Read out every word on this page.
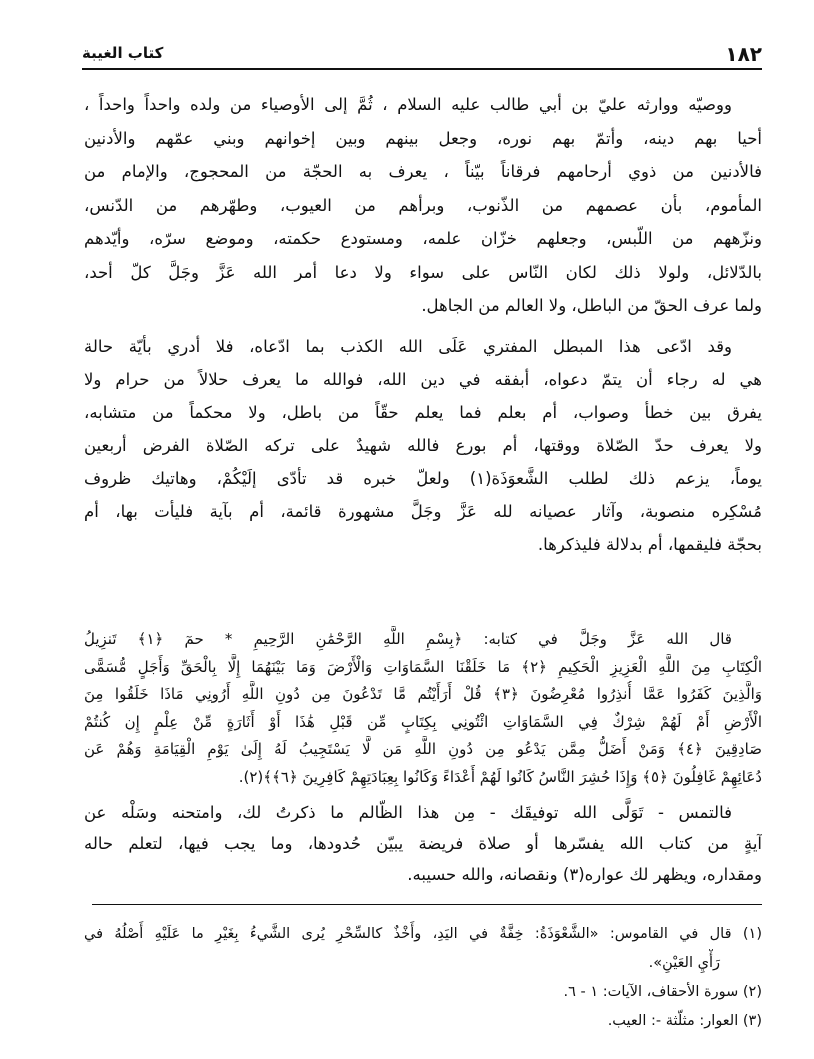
١٨٢
كتاب الغيبة
ووصيّه ووارثه عليّ بن أبي طالب عليه السلام ، ثُمَّ إلى الأوصياء من ولده واحداً واحداً ،
أحيا بهم دينه، وأتمّ بهم نوره، وجعل بينهم وبين إخوانهم وبني عمّهم والأدنين
فالأدنين من ذوي أرحامهم فرقاناً بيّناً ، يعرف به الحجّة من المحجوج، والإمام من
المأموم، بأن عصمهم من الذّنوب، وبرأهم من العيوب، وطهّرهم من الدّنس،
ونزّههم من اللّبس، وجعلهم خزّان علمه، ومستودع حكمته، وموضع سرّه، وأيّدهم
بالدّلائل، ولولا ذلك لكان النّاس على سواء ولا دعا أمر الله عَزَّ وجَلَّ كلّ أحد،
ولما عرف الحقّ من الباطل، ولا العالم من الجاهل.
وقد ادّعى هذا المبطل المفتري عَلَى الله الكذب بما ادّعاه، فلا أدري بأيّة حالة
هي له رجاء أن يتمّ دعواه، أبفقه في دين الله، فوالله ما يعرف حلالاً من حرام ولا
يفرق بين خطأ وصواب، أم بعلم فما يعلم حقّاً من باطل، ولا محكماً من متشابه،
ولا يعرف حدّ الصّلاة ووقتها، أم بورع فالله شهيدٌ على تركه الصّلاة الفرض أربعين
يوماً، يزعم ذلك لطلب الشَّعوَذَة(١) ولعلّ خبره قد تأدّى إلَيْكُمْ، وهاتيك ظروف
مُسْكِره منصوبة، وآثار عصيانه لله عَزَّ وجَلَّ مشهورة قائمة، أم بآية فليأت بها، أم
بحجّة فليقمها، أم بدلالة فليذكرها.
قال الله عَزَّ وجَلَّ في كتابه: ﴿بِسْمِ اللَّهِ الرَّحْمَٰنِ الرَّحِيمِ * حمٓ ﴿١﴾ تَنزِيلُ
الْكِتَابِ مِنَ اللَّهِ الْعَزِيزِ الْحَكِيمِ ﴿٢﴾ مَا خَلَقْنَا السَّمَاوَاتِ وَالْأَرْضَ وَمَا بَيْنَهُمَا إِلَّا بِالْحَقِّ وَأَجَلٍ مُّسَمًّى
وَالَّذِينَ كَفَرُوا عَمَّا أُنذِرُوا مُعْرِضُونَ ﴿٣﴾ قُلْ أَرَأَيْتُم مَّا تَدْعُونَ مِن دُونِ اللَّهِ أَرُونِي مَاذَا خَلَقُوا مِنَ
الْأَرْضِ أَمْ لَهُمْ شِرْكٌ فِي السَّمَاوَاتِ ائْتُونِي بِكِتَابٍ مِّن قَبْلِ هَٰذَا أَوْ أَثَارَةٍ مِّنْ عِلْمٍ إِن كُنتُمْ
صَادِقِينَ ﴿٤﴾ وَمَنْ أَضَلُّ مِمَّن يَدْعُو مِن دُونِ اللَّهِ مَن لَّا يَسْتَجِيبُ لَهُ إِلَىٰ يَوْمِ الْقِيَامَةِ وَهُمْ عَن
دُعَائِهِمْ غَافِلُونَ ﴿٥﴾ وَإِذَا حُشِرَ النَّاسُ كَانُوا لَهُمْ أَعْدَاءً وَكَانُوا بِعِبَادَتِهِمْ كَافِرِينَ ﴿٦﴾﴾(٢).
فالتمس - تَوَلَّى الله توفيقَك - مِن هذا الظّالم ما ذكرتُ لك، وامتحنه وسَلْه عن
آيةٍ من كتاب الله يفسّرها أو صلاة فريضة يبيّن حُدودها، وما يجب فيها، لتعلم حاله
ومقداره، ويظهر لك عواره(٣) ونقصانه، والله حسيبه.
(١) قال في القاموس: «الشَّعْوَذَةُ: خِفَّةٌ في اليَدِ، وأَخْذٌ كالسِّحْرِ يُرى الشَّيءُ بِغَيْرِ ما عَلَيْهِ أَصْلُهُ في
رَأْيِ العَيْنِ».
(٢) سورة الأحقاف، الآيات: ١ - ٦.
(٣) العوار: مثلّثة -: العيب.
